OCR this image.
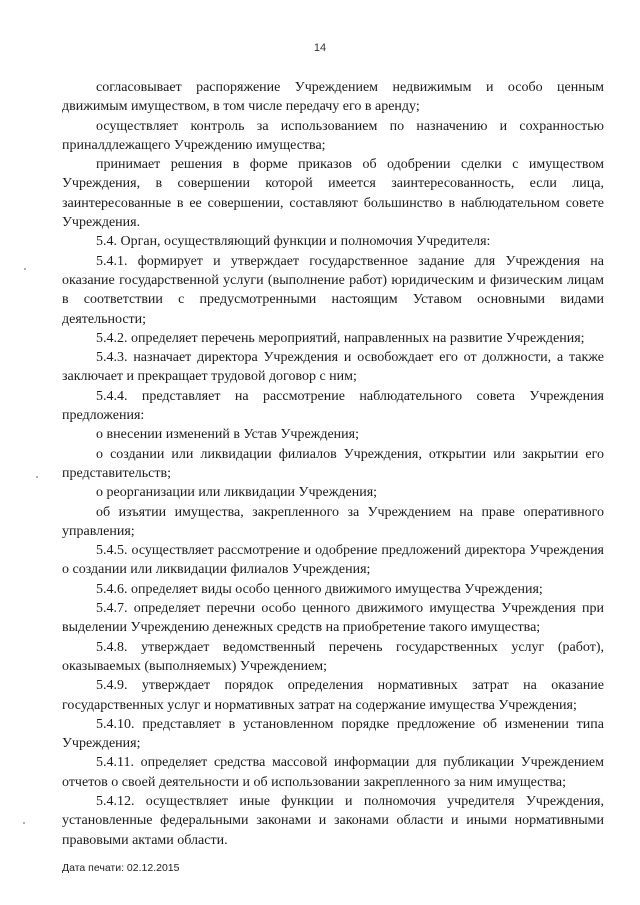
14

согласовывает распоряжение Учреждением недвижимым и особо ценным движимым имуществом, в том числе передачу его в аренду;

осуществляет контроль за использованием по назначению и сохранностью приналдлежащего Учреждению имущества;

принимает решения в форме приказов об одобрении сделки с имуществом Учреждения, в совершении которой имеется заинтересованность, если лица, заинтересованные в ее совершении, составляют большинство в наблюдательном совете Учреждения.

5.4. Орган, осуществляющий функции и полномочия Учредителя:

5.4.1. формирует и утверждает государственное задание для Учреждения на оказание государственной услуги (выполнение работ) юридическим и физическим лицам в соответствии с предусмотренными настоящим Уставом основными видами деятельности;

5.4.2. определяет перечень мероприятий, направленных на развитие Учреждения;

5.4.3. назначает директора Учреждения и освобождает его от должности, а также заключает и прекращает трудовой договор с ним;

5.4.4. представляет на рассмотрение наблюдательного совета Учреждения предложения:

о внесении изменений в Устав Учреждения;

о создании или ликвидации филиалов Учреждения, открытии или закрытии его представительств;

о реорганизации или ликвидации Учреждения;

об изъятии имущества, закрепленного за Учреждением на праве оперативного управления;

5.4.5. осуществляет рассмотрение и одобрение предложений директора Учреждения о создании или ликвидации филиалов Учреждения;

5.4.6. определяет виды особо ценного движимого имущества Учреждения;

5.4.7. определяет перечни особо ценного движимого имущества Учреждения при выделении Учреждению денежных средств на приобретение такого имущества;

5.4.8. утверждает ведомственный перечень государственных услуг (работ), оказываемых (выполняемых) Учреждением;

5.4.9. утверждает порядок определения нормативных затрат на оказание государственных услуг и нормативных затрат на содержание имущества Учреждения;

5.4.10. представляет в установленном порядке предложение об изменении типа Учреждения;

5.4.11. определяет средства массовой информации для публикации Учреждением отчетов о своей деятельности и об использовании закрепленного за ним имущества;

5.4.12. осуществляет иные функции и полномочия учредителя Учреждения, установленные федеральными законами и законами области и иными нормативными правовыми актами области.

Дата печати: 02.12.2015
